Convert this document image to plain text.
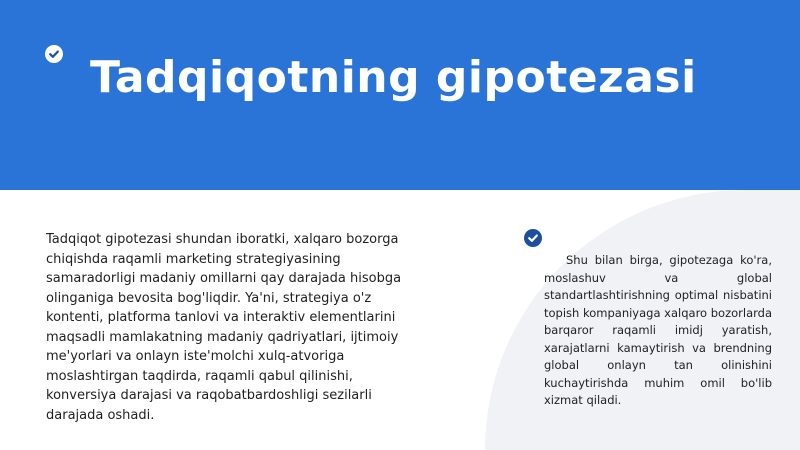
Tadqiqotning gipotezasi

Tadqiqot gipotezasi shundan iboratki, xalqaro bozorga chiqishda raqamli marketing strategiyasining samaradorligi madaniy omillarni qay darajada hisobga olinganiga bevosita bog'liqdir. Ya'ni, strategiya o'z kontenti, platforma tanlovi va interaktiv elementlarini maqsadli mamlakatning madaniy qadriyatlari, ijtimoiy me'yorlari va onlayn iste'molchi xulq-atvoriga moslashtirgan taqdirda, raqamli qabul qilinishi, konversiya darajasi va raqobatbardoshligi sezilarli darajada oshadi.

Shu bilan birga, gipotezaga ko'ra, moslashuv va global standartlashtirishning optimal nisbatini topish kompaniyaga xalqaro bozorlarda barqaror raqamli imidj yaratish, xarajatlarni kamaytirish va brendning global onlayn tan olinishini kuchaytirishda muhim omil bo'lib xizmat qiladi.
